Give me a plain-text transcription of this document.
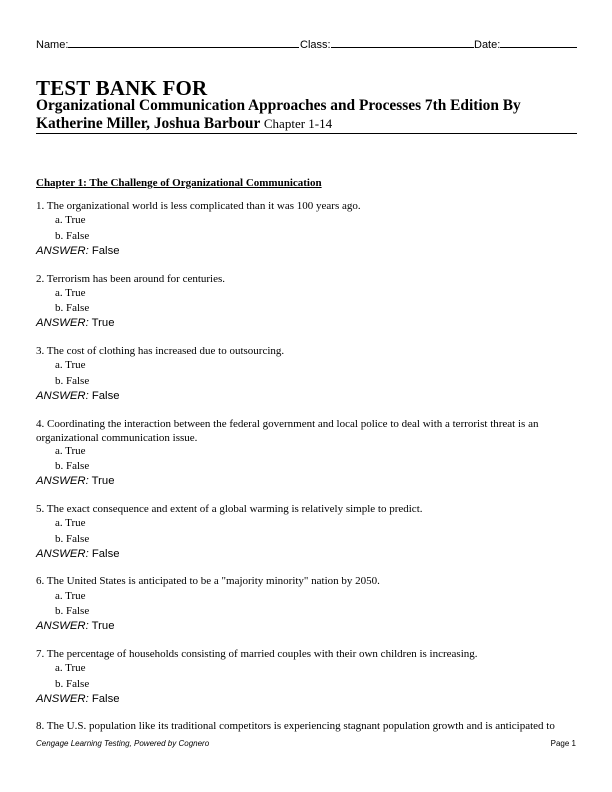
Name:	Class:	Date:
TEST BANK FOR
Organizational Communication Approaches and Processes 7th Edition By Katherine Miller, Joshua Barbour Chapter 1-14
Chapter 1: The Challenge of Organizational Communication
1. The organizational world is less complicated than it was 100 years ago.
a. True
b. False
ANSWER: False
2. Terrorism has been around for centuries.
a. True
b. False
ANSWER: True
3. The cost of clothing has increased due to outsourcing.
a. True
b. False
ANSWER: False
4. Coordinating the interaction between the federal government and local police to deal with a terrorist threat is an organizational communication issue.
a. True
b. False
ANSWER: True
5. The exact consequence and extent of a global warming is relatively simple to predict.
a. True
b. False
ANSWER: False
6. The United States is anticipated to be a "majority minority" nation by 2050.
a. True
b. False
ANSWER: True
7. The percentage of households consisting of married couples with their own children is increasing.
a. True
b. False
ANSWER: False
8. The U.S. population like its traditional competitors is experiencing stagnant population growth and is anticipated to
Cengage Learning Testing, Powered by Cognero	Page 1
